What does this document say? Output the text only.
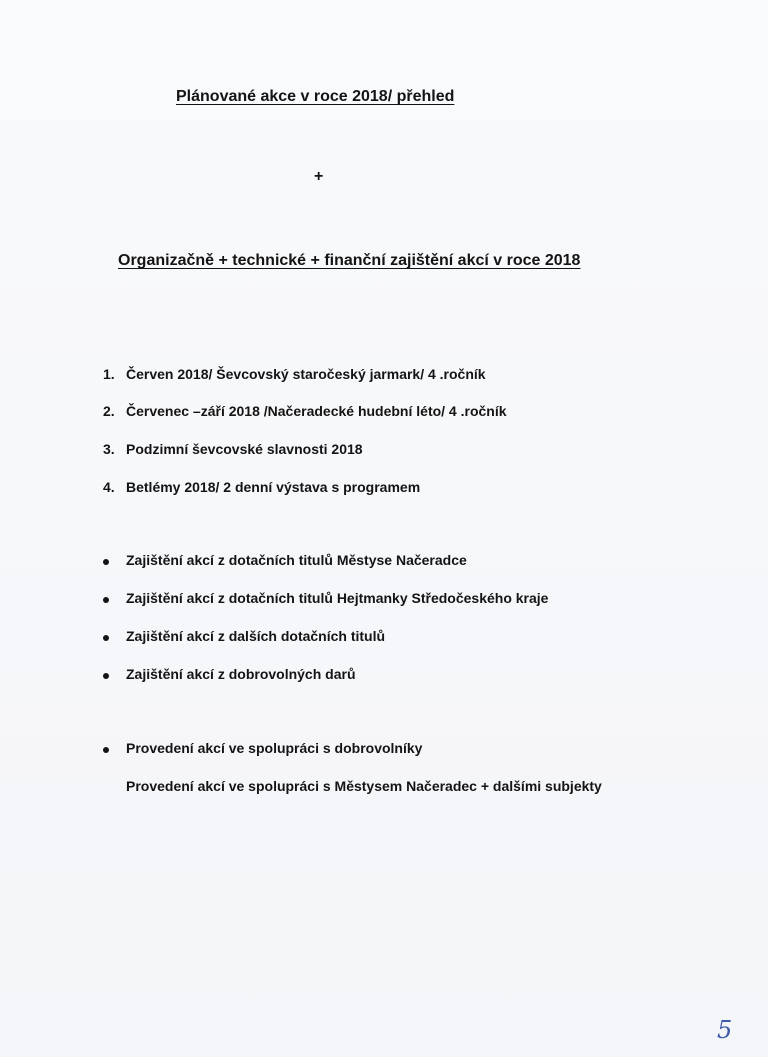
Plánované akce v roce 2018/ přehled
+
Organizačně + technické + finanční zajištění akcí v roce 2018
1. Červen 2018/ Ševcovský staročeský jarmark/ 4 .ročník
2. Červenec –září 2018 /Načeradecké hudební léto/ 4 .ročník
3. Podzimní ševcovské slavnosti 2018
4. Betlémy 2018/ 2 denní výstava s programem
Zajištění akcí z dotačních titulů Městyse Načeradce
Zajištění akcí z dotačních titulů Hejtmanky Středočeského kraje
Zajištění akcí z dalších dotačních titulů
Zajištění akcí z dobrovolných darů
Provedení akcí ve spolupráci s dobrovolníky
Provedení akcí ve spolupráci s Městysem Načeradec + dalšími subjekty
5
